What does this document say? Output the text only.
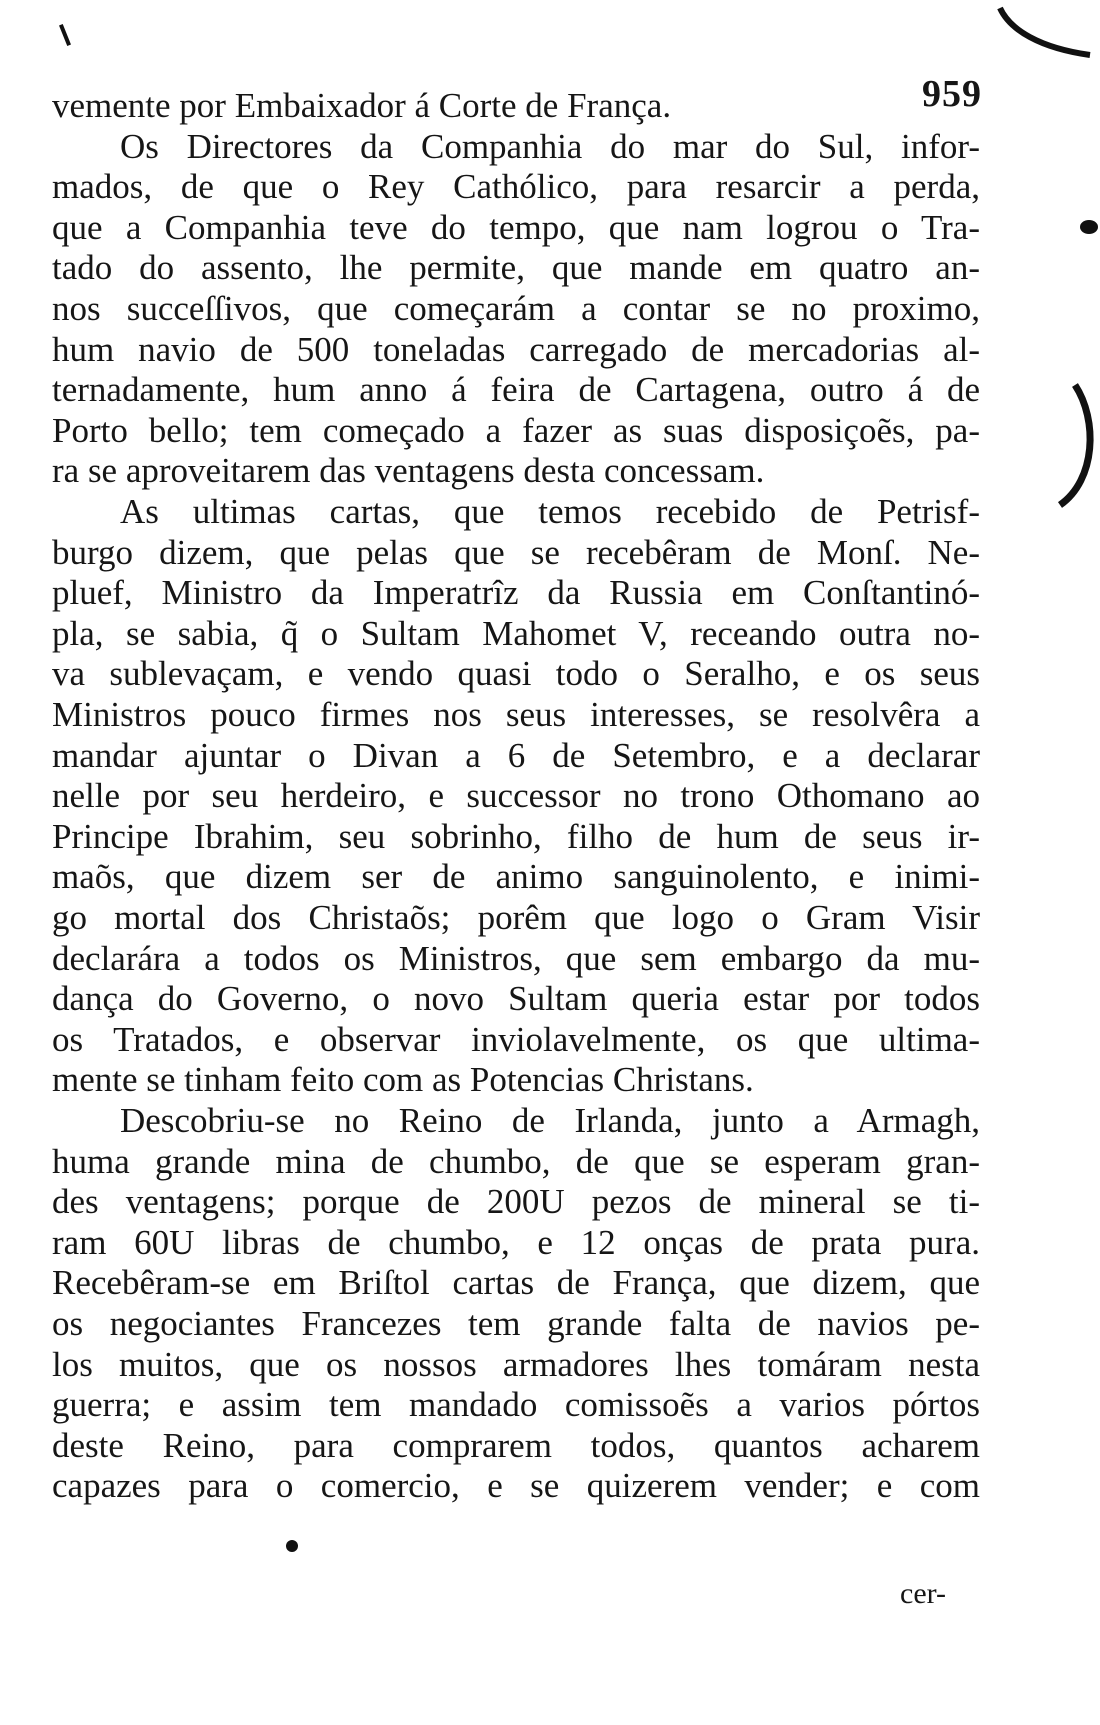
959
vemente por Embaixador á Corte de França.
Os Directores da Companhia do mar do Sul, infor-
mados, de que o Rey Cathólico, para resarcir a perda,
que a Companhia teve do tempo, que nam logrou o Tra-
tado do assento, lhe permite, que mande em quatro an-
nos succeſſivos, que começarám a contar se no proximo,
hum navio de 500 toneladas carregado de mercadorias al-
ternadamente, hum anno á feira de Cartagena, outro á de
Porto bello; tem começado a fazer as suas disposiçoẽs, pa-
ra se aproveitarem das ventagens desta concessam.
As ultimas cartas, que temos recebido de Petrisf-
burgo dizem, que pelas que se recebêram de Monſ. Ne-
pluef, Ministro da Imperatrîz da Russia em Conſtantinó-
pla, se sabia, q̃ o Sultam Mahomet V, receando outra no-
va sublevaçam, e vendo quasi todo o Seralho, e os seus
Ministros pouco firmes nos seus interesses, se resolvêra a
mandar ajuntar o Divan a 6 de Setembro, e a declarar
nelle por seu herdeiro, e successor no trono Othomano ao
Principe Ibrahim, seu sobrinho, filho de hum de seus ir-
maõs, que dizem ser de animo sanguinolento, e inimi-
go mortal dos Christaõs; porêm que logo o Gram Visir
declarára a todos os Ministros, que sem embargo da mu-
dança do Governo, o novo Sultam queria estar por todos
os Tratados, e observar inviolavelmente, os que ultima-
mente se tinham feito com as Potencias Christans.
Descobriu-se no Reino de Irlanda, junto a Armagh,
huma grande mina de chumbo, de que se esperam gran-
des ventagens; porque de 200U pezos de mineral se ti-
ram 60U libras de chumbo, e 12 onças de prata pura.
Recebêram-se em Briſtol cartas de França, que dizem, que
os negociantes Francezes tem grande falta de navios pe-
los muitos, que os nossos armadores lhes tomáram nesta
guerra; e assim tem mandado comissoẽs a varios pórtos
deste Reino, para comprarem todos, quantos acharem
capazes para o comercio, e se quizerem vender; e com
cer-
